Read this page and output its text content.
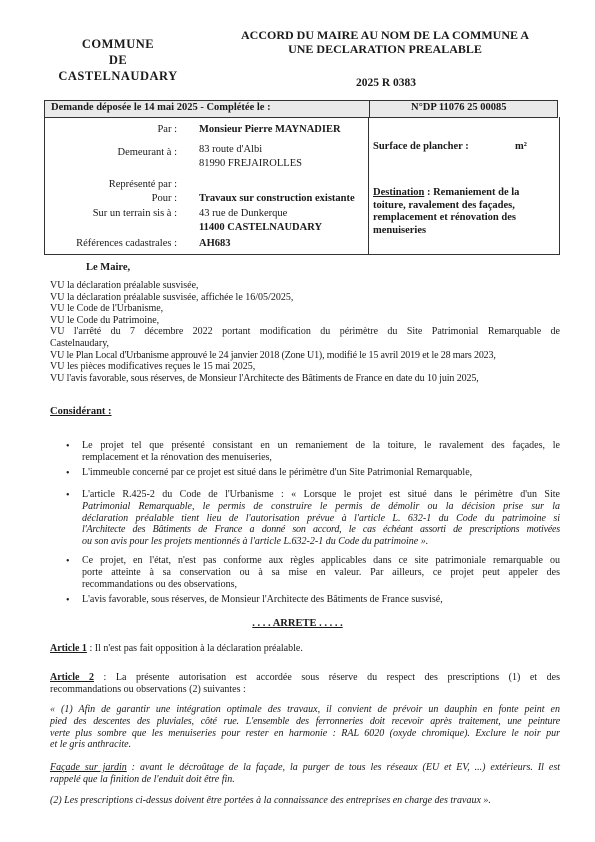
COMMUNE
DE
CASTELNAUDARY
ACCORD DU MAIRE AU NOM DE LA COMMUNE A
UNE DECLARATION PREALABLE
2025 R 0383
Demande déposée le 14 mai 2025 - Complétée le :	N°DP 11076 25 00085
Par : Monsieur Pierre MAYNADIER
Demeurant à : 83 route d'Albi
81990 FREJAIROLLES
Représenté par :
Pour : Travaux sur construction existante
Sur un terrain sis à : 43 rue de Dunkerque
11400 CASTELNAUDARY
Références cadastrales : AH683
Surface de plancher :	m²
Destination : Remaniement de la
toiture, ravalement des façades,
remplacement et rénovation des
menuiseries
Le Maire,
VU la déclaration préalable susvisée,
VU la déclaration préalable susvisée, affichée le 16/05/2025,
VU le Code de l'Urbanisme,
VU le Code du Patrimoine,
VU l'arrêté du 7 décembre 2022 portant modification du périmètre du Site Patrimonial Remarquable de
Castelnaudary,
VU le Plan Local d'Urbanisme approuvé le 24 janvier 2018 (Zone U1), modifié le 15 avril 2019 et le 28 mars 2023,
VU les pièces modificatives reçues le 15 mai 2025,
VU l'avis favorable, sous réserves, de Monsieur l'Architecte des Bâtiments de France en date du 10 juin 2025,
Considérant :
• Le projet tel que présenté consistant en un remaniement de la toiture, le ravalement des façades, le
remplacement et la rénovation des menuiseries,
• L'immeuble concerné par ce projet est situé dans le périmètre d'un Site Patrimonial Remarquable,
• L'article R.425-2 du Code de l'Urbanisme : « Lorsque le projet est situé dans le périmètre d'un Site
Patrimonial Remarquable, le permis de construire le permis de démolir ou la décision prise sur la
déclaration préalable tient lieu de l'autorisation prévue à l'article L. 632-1 du Code du patrimoine si
l'Architecte des Bâtiments de France a donné son accord, le cas échéant assorti de prescriptions motivées
ou son avis pour les projets mentionnés à l'article L.632-2-1 du Code du patrimoine ».
• Ce projet, en l'état, n'est pas conforme aux règles applicables dans ce site patrimoniale remarquable ou
porte atteinte à sa conservation ou à sa mise en valeur. Par ailleurs, ce projet peut appeler des
recommandations ou des observations,
• L'avis favorable, sous réserves, de Monsieur l'Architecte des Bâtiments de France susvisé,
. . . . ARRETE . . . . .
Article 1 : Il n'est pas fait opposition à la déclaration préalable.
Article 2 : La présente autorisation est accordée sous réserve du respect des prescriptions (1) et des
recommandations ou observations (2) suivantes :
« (1) Afin de garantir une intégration optimale des travaux, il convient de prévoir un dauphin en fonte peint en
pied des descentes des pluviales, côté rue. L'ensemble des ferronneries doit recevoir après traitement, une peinture
verte plus sombre que les menuiseries pour rester en harmonie : RAL 6020 (oxyde chromique). Exclure le noir pur
et le gris anthracite.
Façade sur jardin : avant le décroûtage de la façade, la purger de tous les réseaux (EU et EV, ...) extérieurs. Il est
rappelé que la finition de l'enduit doit être fin.
(2) Les prescriptions ci-dessus doivent être portées à la connaissance des entreprises en charge des travaux ».
